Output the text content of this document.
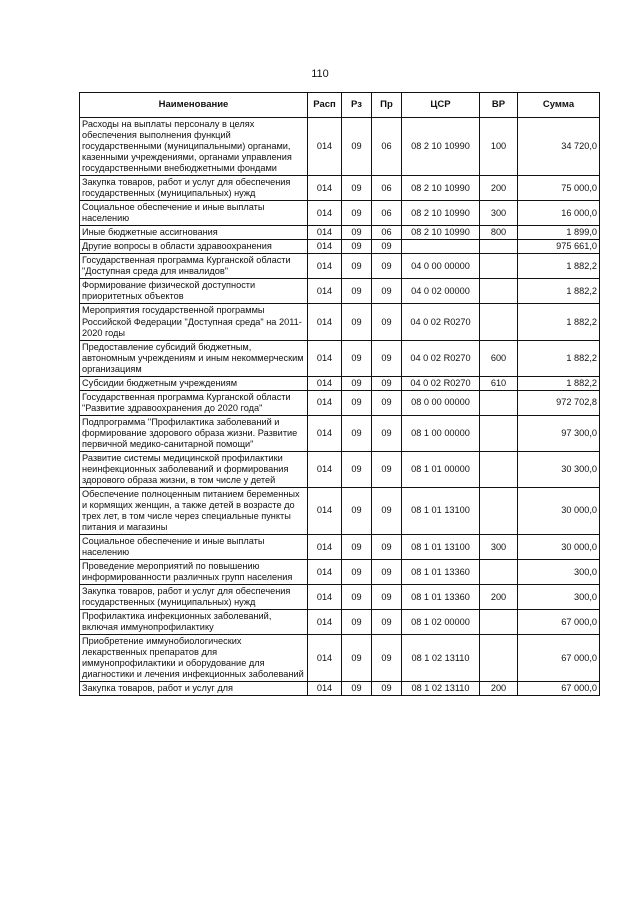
110
Наименование	Расп	Рз	Пр	ЦСР	ВР	Сумма
Расходы на выплаты персоналу в целях обеспечения выполнения функций государственными (муниципальными) органами, казенными учреждениями, органами управления государственными внебюджетными фондами	014	09	06	08 2 10 10990	100	34 720,0
Закупка товаров, работ и услуг для обеспечения государственных (муниципальных) нужд	014	09	06	08 2 10 10990	200	75 000,0
Социальное обеспечение и иные выплаты населению	014	09	06	08 2 10 10990	300	16 000,0
Иные бюджетные ассигнования	014	09	06	08 2 10 10990	800	1 899,0
Другие вопросы в области здравоохранения	014	09	09			975 661,0
Государственная программа Курганской области "Доступная среда для инвалидов"	014	09	09	04 0 00 00000		1 882,2
Формирование физической доступности приоритетных объектов	014	09	09	04 0 02 00000		1 882,2
Мероприятия государственной программы Российской Федерации "Доступная среда" на 2011-2020 годы	014	09	09	04 0 02 R0270		1 882,2
Предоставление субсидий бюджетным, автономным учреждениям и иным некоммерческим организациям	014	09	09	04 0 02 R0270	600	1 882,2
Субсидии бюджетным учреждениям	014	09	09	04 0 02 R0270	610	1 882,2
Государственная программа Курганской области "Развитие здравоохранения до 2020 года"	014	09	09	08 0 00 00000		972 702,8
Подпрограмма "Профилактика заболеваний и формирование здорового образа жизни. Развитие первичной медико-санитарной помощи"	014	09	09	08 1 00 00000		97 300,0
Развитие системы медицинской профилактики неинфекционных заболеваний и формирования здорового образа жизни, в том числе у детей	014	09	09	08 1 01 00000		30 300,0
Обеспечение полноценным питанием беременных и кормящих женщин, а также детей в возрасте до трех лет, в том числе через специальные пункты питания и магазины	014	09	09	08 1 01 13100		30 000,0
Социальное обеспечение и иные выплаты населению	014	09	09	08 1 01 13100	300	30 000,0
Проведение мероприятий по повышению информированности различных групп населения	014	09	09	08 1 01 13360		300,0
Закупка товаров, работ и услуг для обеспечения государственных (муниципальных) нужд	014	09	09	08 1 01 13360	200	300,0
Профилактика инфекционных заболеваний, включая иммунопрофилактику	014	09	09	08 1 02 00000		67 000,0
Приобретение иммунобиологических лекарственных препаратов для иммунопрофилактики и оборудование для диагностики и лечения инфекционных заболеваний	014	09	09	08 1 02 13110		67 000,0
Закупка товаров, работ и услуг для	014	09	09	08 1 02 13110	200	67 000,0
